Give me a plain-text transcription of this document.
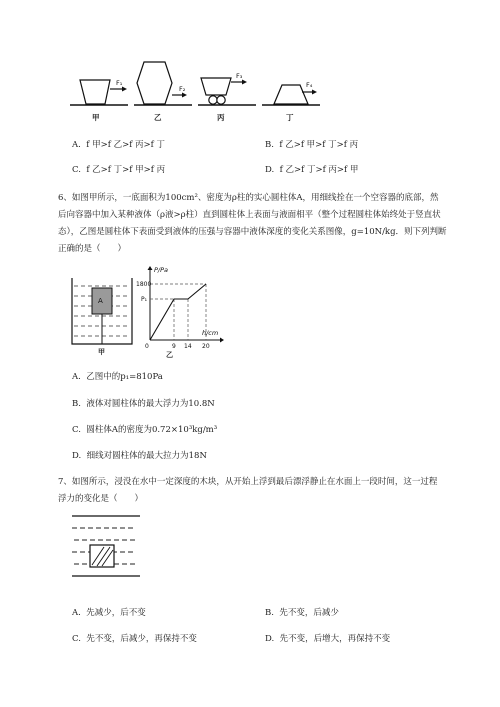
F₁
F₂
F₃
F₄
甲	乙	丙	丁
A. f 甲>f 乙>f 丙>f 丁	B. f 乙>f 甲>f 丁>f 丙
C. f 乙>f 丁>f 甲>f 丙	D. f 乙>f 丁>f 丙>f 甲
6、如图甲所示，一底面积为100cm²、密度为ρ柱的实心圆柱体A，用细线拴在一个空容器的底部，然
后向容器中加入某种液体（ρ液>ρ柱）直到圆柱体上表面与液面相平（整个过程圆柱体始终处于竖直状
态），乙图是圆柱体下表面受到液体的压强与容器中液体深度的变化关系图像，g=10N/kg．则下列判断
正确的是（　　）
A
甲
P/Pa
h/cm
1800
P₁
0	9 14 20
乙
A. 乙图中的p₁=810Pa
B. 液体对圆柱体的最大浮力为10.8N
C. 圆柱体A的密度为0.72×10³kg/m³
D. 细线对圆柱体的最大拉力为18N
7、如图所示，浸没在水中一定深度的木块，从开始上浮到最后漂浮静止在水面上一段时间，这一过程
浮力的变化是（　　）
A. 先减少，后不变	B. 先不变，后减少
C. 先不变，后减少，再保持不变	D. 先不变，后增大，再保持不变
